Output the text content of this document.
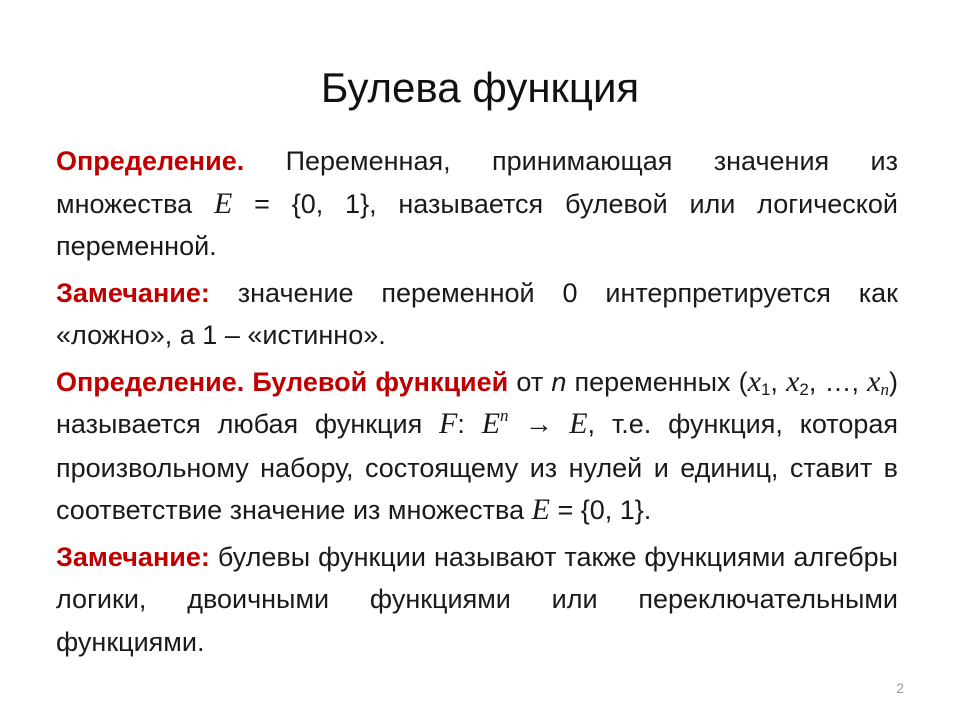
Булева функция

Определение. Переменная, принимающая значения из множества E = {0, 1}, называется булевой или логической переменной.

Замечание: значение переменной 0 интерпретируется как «ложно», а 1 – «истинно».

Определение. Булевой функцией от n переменных ($x_1$, $x_2$, …, $x_n$) называется любая функция F: $E^n \to E$, т.е. функция, которая произвольному набору, состоящему из нулей и единиц, ставит в соответствие значение из множества E = {0, 1}.

Замечание: булевы функции называют также функциями алгебры логики, двоичными функциями или переключательными функциями.

2
